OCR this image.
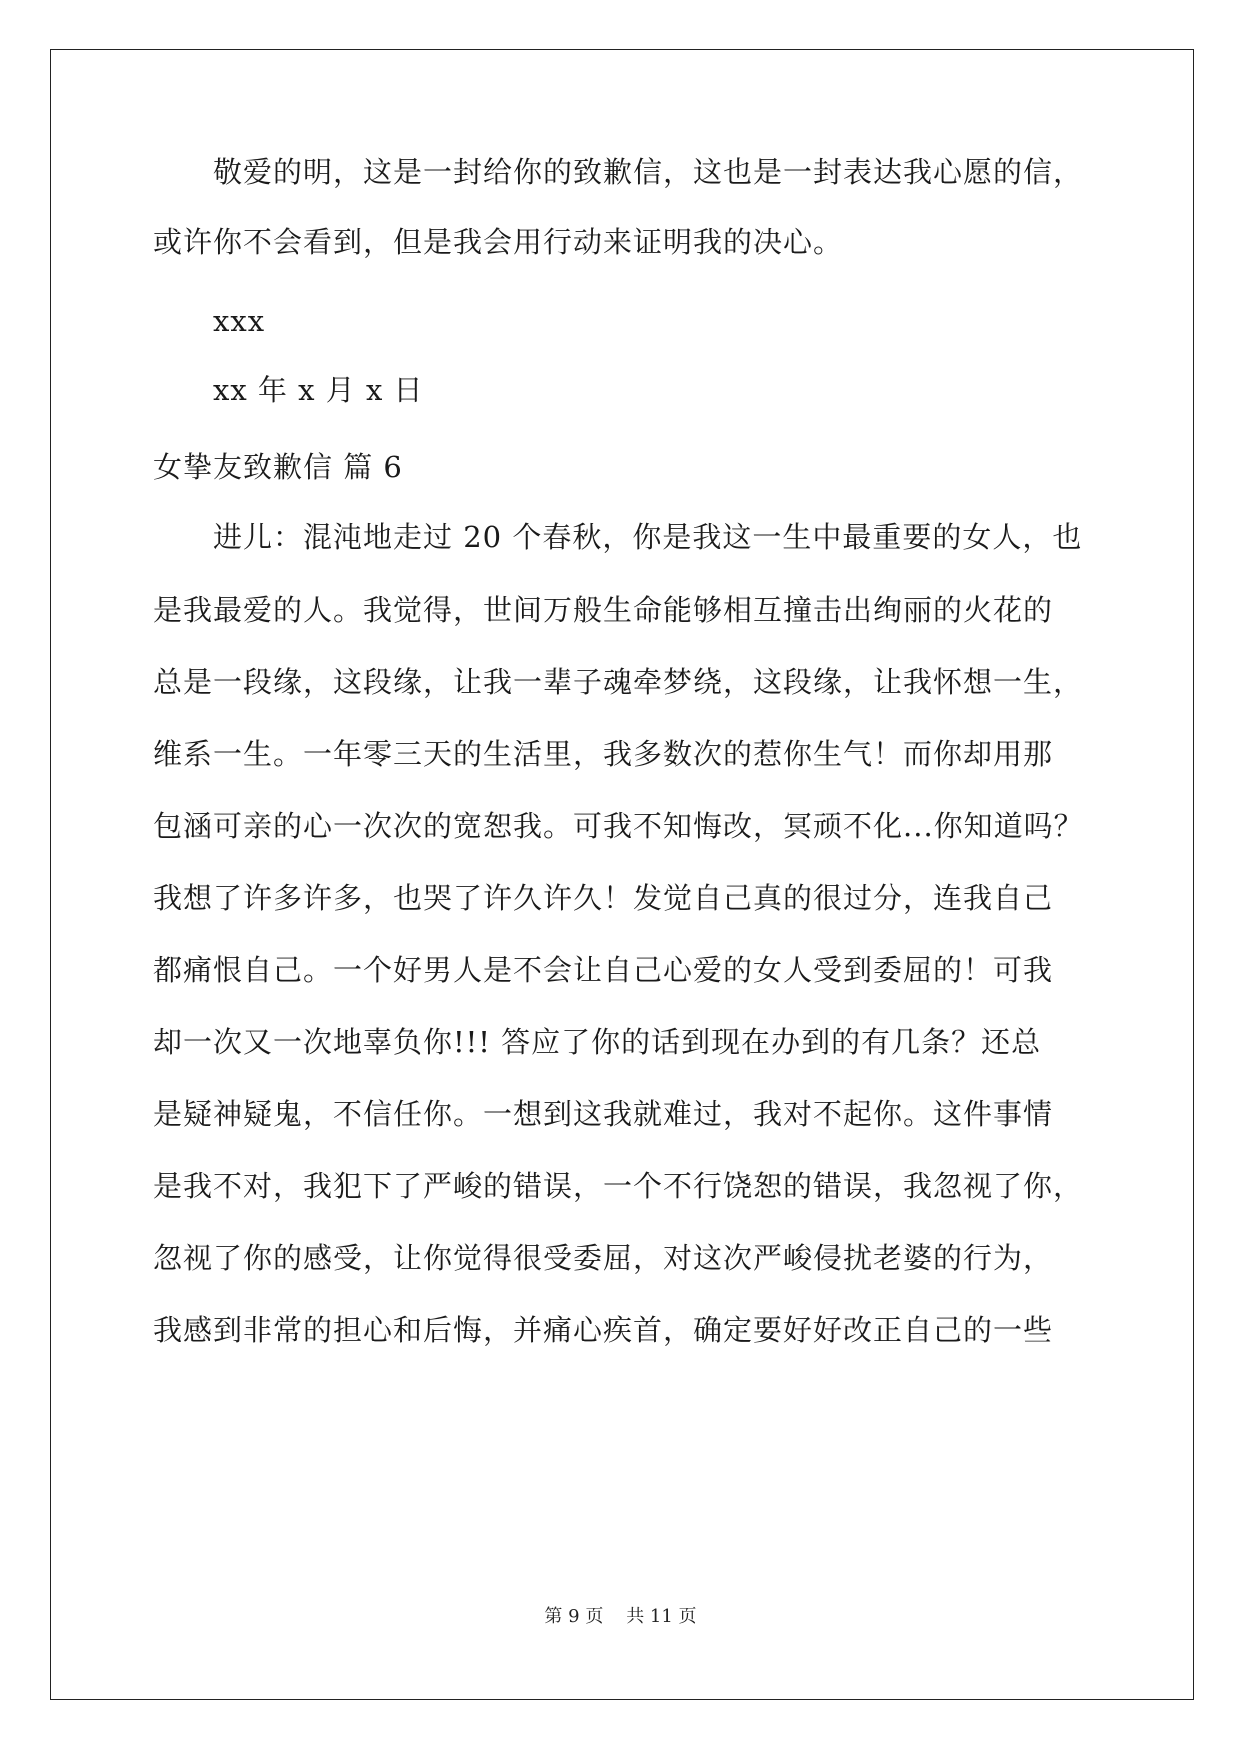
敬爱的明，这是一封给你的致歉信，这也是一封表达我心愿的信，
或许你不会看到，但是我会用行动来证明我的决心。
xxx
xx 年 x 月 x 日
女挚友致歉信 篇 6
进儿：混沌地走过 20 个春秋，你是我这一生中最重要的女人，也
是我最爱的人。我觉得，世间万般生命能够相互撞击出绚丽的火花的
总是一段缘，这段缘，让我一辈子魂牵梦绕，这段缘，让我怀想一生，
维系一生。一年零三天的生活里，我多数次的惹你生气！而你却用那
包涵可亲的心一次次的宽恕我。可我不知悔改，冥顽不化...你知道吗？
我想了许多许多，也哭了许久许久！发觉自己真的很过分，连我自己
都痛恨自己。一个好男人是不会让自己心爱的女人受到委屈的！可我
却一次又一次地辜负你!!! 答应了你的话到现在办到的有几条？还总
是疑神疑鬼，不信任你。一想到这我就难过，我对不起你。这件事情
是我不对，我犯下了严峻的错误，一个不行饶恕的错误，我忽视了你，
忽视了你的感受，让你觉得很受委屈，对这次严峻侵扰老婆的行为，
我感到非常的担心和后悔，并痛心疾首，确定要好好改正自己的一些
第 9 页    共 11 页
